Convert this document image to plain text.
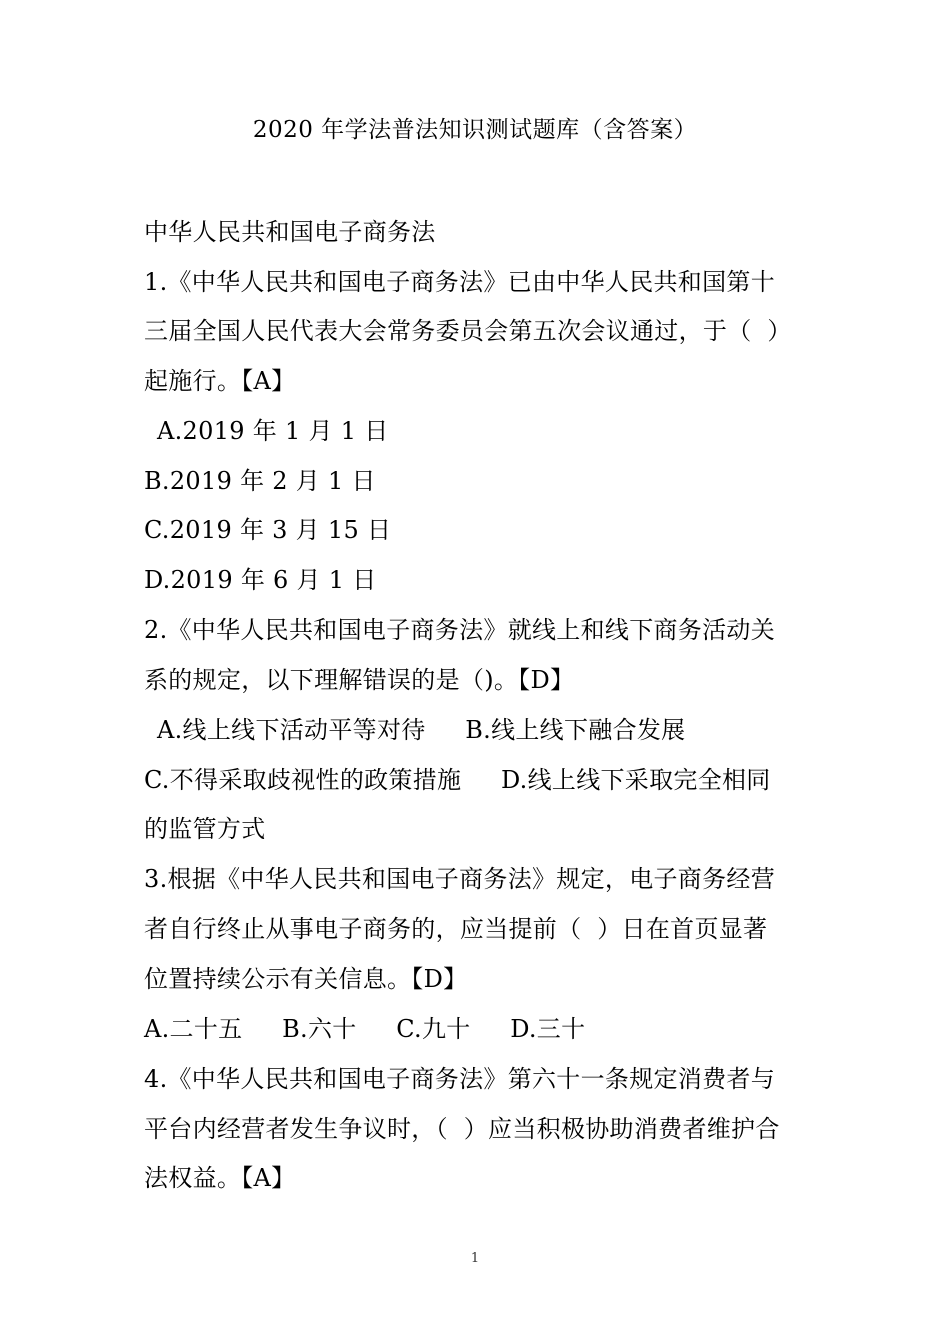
2020 年学法普法知识测试题库（含答案）
中华人民共和国电子商务法
1.《中华人民共和国电子商务法》已由中华人民共和国第十
三届全国人民代表大会常务委员会第五次会议通过，于（  ）
起施行。【A】
A.2019 年 1 月 1 日
B.2019 年 2 月 1 日
C.2019 年 3 月 15 日
D.2019 年 6 月 1 日
2.《中华人民共和国电子商务法》就线上和线下商务活动关
系的规定，以下理解错误的是（)。【D】
A.线上线下活动平等对待     B.线上线下融合发展
C.不得采取歧视性的政策措施     D.线上线下采取完全相同
的监管方式
3.根据《中华人民共和国电子商务法》规定，电子商务经营
者自行终止从事电子商务的，应当提前（  ）日在首页显著
位置持续公示有关信息。【D】
A.二十五     B.六十     C.九十     D.三十
4.《中华人民共和国电子商务法》第六十一条规定消费者与
平台内经营者发生争议时，（  ）应当积极协助消费者维护合
法权益。【A】
1
